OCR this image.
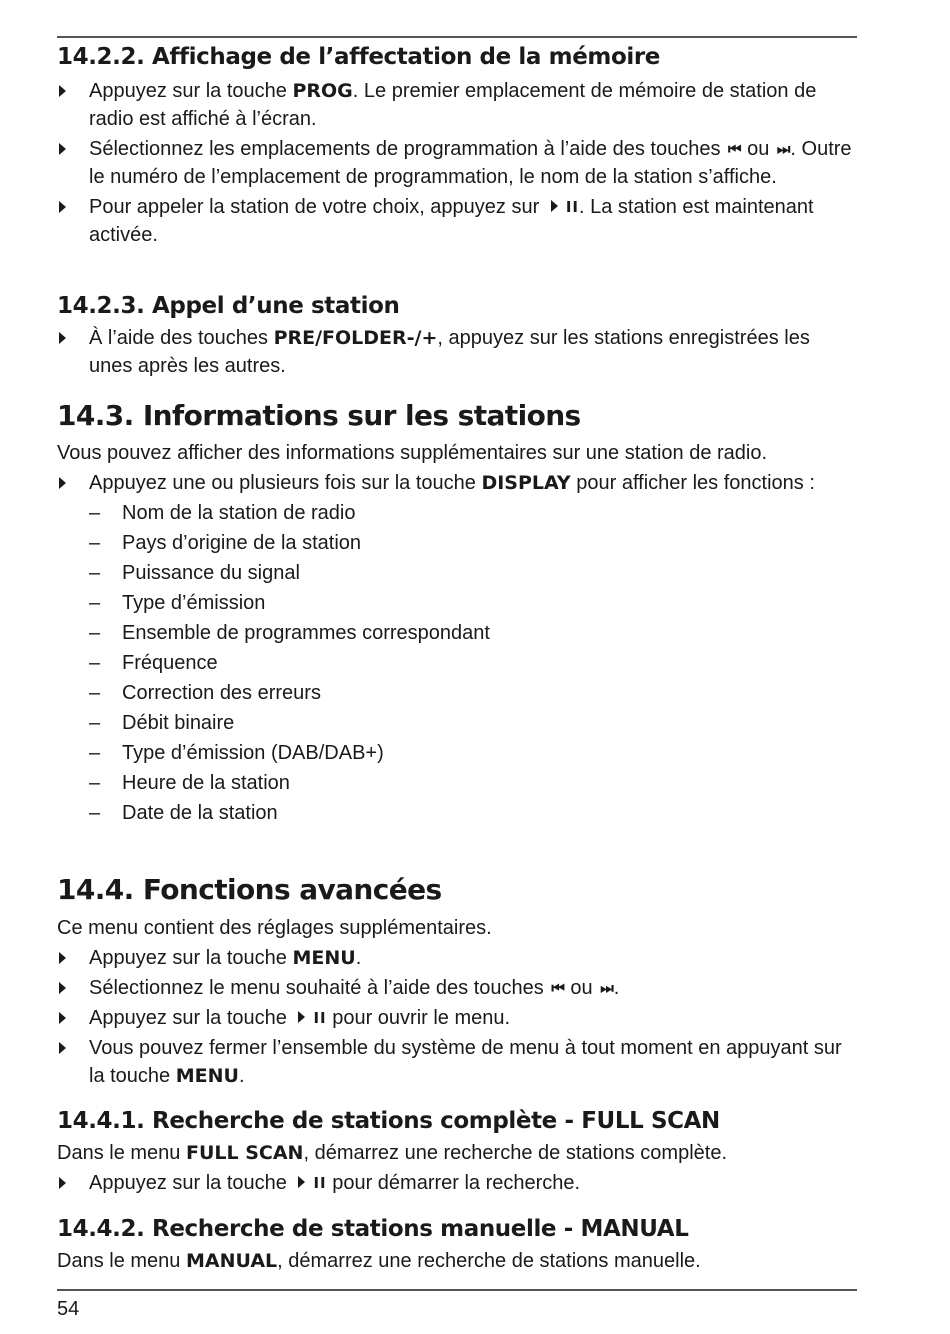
14.2.2. Affichage de l’affectation de la mémoire
Appuyez sur la touche PROG. Le premier emplacement de mémoire de station de radio est affiché à l’écran.
Sélectionnez les emplacements de programmation à l’aide des touches ⏮ ou ⏭ . Outre le numéro de l’emplacement de programmation, le nom de la station s’affiche.
Pour appeler la station de votre choix, appuyez sur II. La station est maintenant activée.
14.2.3. Appel d’une station
À l’aide des touches PRE/FOLDER-/+, appuyez sur les stations enregistrées les unes après les autres.
14.3. Informations sur les stations

Vous pouvez afficher des informations supplémentaires sur une station de radio.

Appuyez une ou plusieurs fois sur la touche DISPLAY pour afficher les fonctions :
– Nom de la station de radio
– Pays d’origine de la station
– Puissance du signal
– Type d’émission
– Ensemble de programmes correspondant
– Fréquence
– Correction des erreurs
– Débit binaire
– Type d’émission (DAB/DAB+)
– Heure de la station
– Date de la station
14.4. Fonctions avancées

Ce menu contient des réglages supplémentaires.

Appuyez sur la touche MENU.
Sélectionnez le menu souhaité à l’aide des touches ⏮ ou ⏭ .
Appuyez sur la touche II pour ouvrir le menu.
Vous pouvez fermer l’ensemble du système de menu à tout moment en appuyant sur la touche MENU.
14.4.1. Recherche de stations complète - FULL SCAN

Dans le menu FULL SCAN, démarrez une recherche de stations complète.

Appuyez sur la touche II pour démarrer la recherche.
14.4.2. Recherche de stations manuelle - MANUAL

Dans le menu MANUAL, démarrez une recherche de stations manuelle.

54
